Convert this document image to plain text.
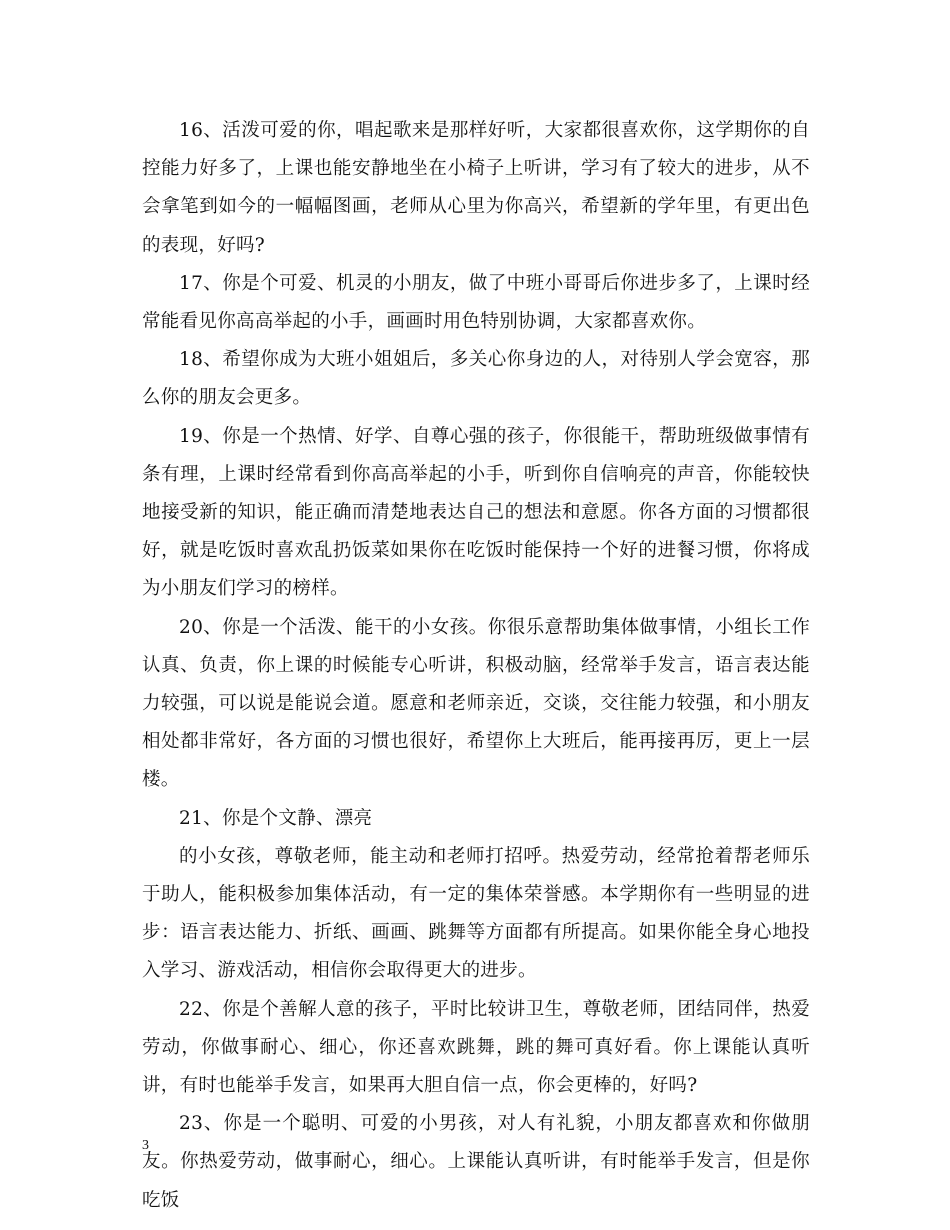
16、活泼可爱的你，唱起歌来是那样好听，大家都很喜欢你，这学期你的自控能力好多了，上课也能安静地坐在小椅子上听讲，学习有了较大的进步，从不会拿笔到如今的一幅幅图画，老师从心里为你高兴，希望新的学年里，有更出色的表现，好吗?

17、你是个可爱、机灵的小朋友，做了中班小哥哥后你进步多了，上课时经常能看见你高高举起的小手，画画时用色特别协调，大家都喜欢你。

18、希望你成为大班小姐姐后，多关心你身边的人，对待别人学会宽容，那么你的朋友会更多。

19、你是一个热情、好学、自尊心强的孩子，你很能干，帮助班级做事情有条有理，上课时经常看到你高高举起的小手，听到你自信响亮的声音，你能较快地接受新的知识，能正确而清楚地表达自己的想法和意愿。你各方面的习惯都很好，就是吃饭时喜欢乱扔饭菜如果你在吃饭时能保持一个好的进餐习惯，你将成为小朋友们学习的榜样。

20、你是一个活泼、能干的小女孩。你很乐意帮助集体做事情，小组长工作认真、负责，你上课的时候能专心听讲，积极动脑，经常举手发言，语言表达能力较强，可以说是能说会道。愿意和老师亲近，交谈，交往能力较强，和小朋友相处都非常好，各方面的习惯也很好，希望你上大班后，能再接再厉，更上一层楼。

21、你是个文静、漂亮

的小女孩，尊敬老师，能主动和老师打招呼。热爱劳动，经常抢着帮老师乐于助人，能积极参加集体活动，有一定的集体荣誉感。本学期你有一些明显的进步：语言表达能力、折纸、画画、跳舞等方面都有所提高。如果你能全身心地投入学习、游戏活动，相信你会取得更大的进步。

22、你是个善解人意的孩子，平时比较讲卫生，尊敬老师，团结同伴，热爱劳动，你做事耐心、细心，你还喜欢跳舞，跳的舞可真好看。你上课能认真听讲，有时也能举手发言，如果再大胆自信一点，你会更棒的，好吗?

23、你是一个聪明、可爱的小男孩，对人有礼貌，小朋友都喜欢和你做朋友。你热爱劳动，做事耐心，细心。上课能认真听讲，有时能举手发言，但是你吃饭

3
